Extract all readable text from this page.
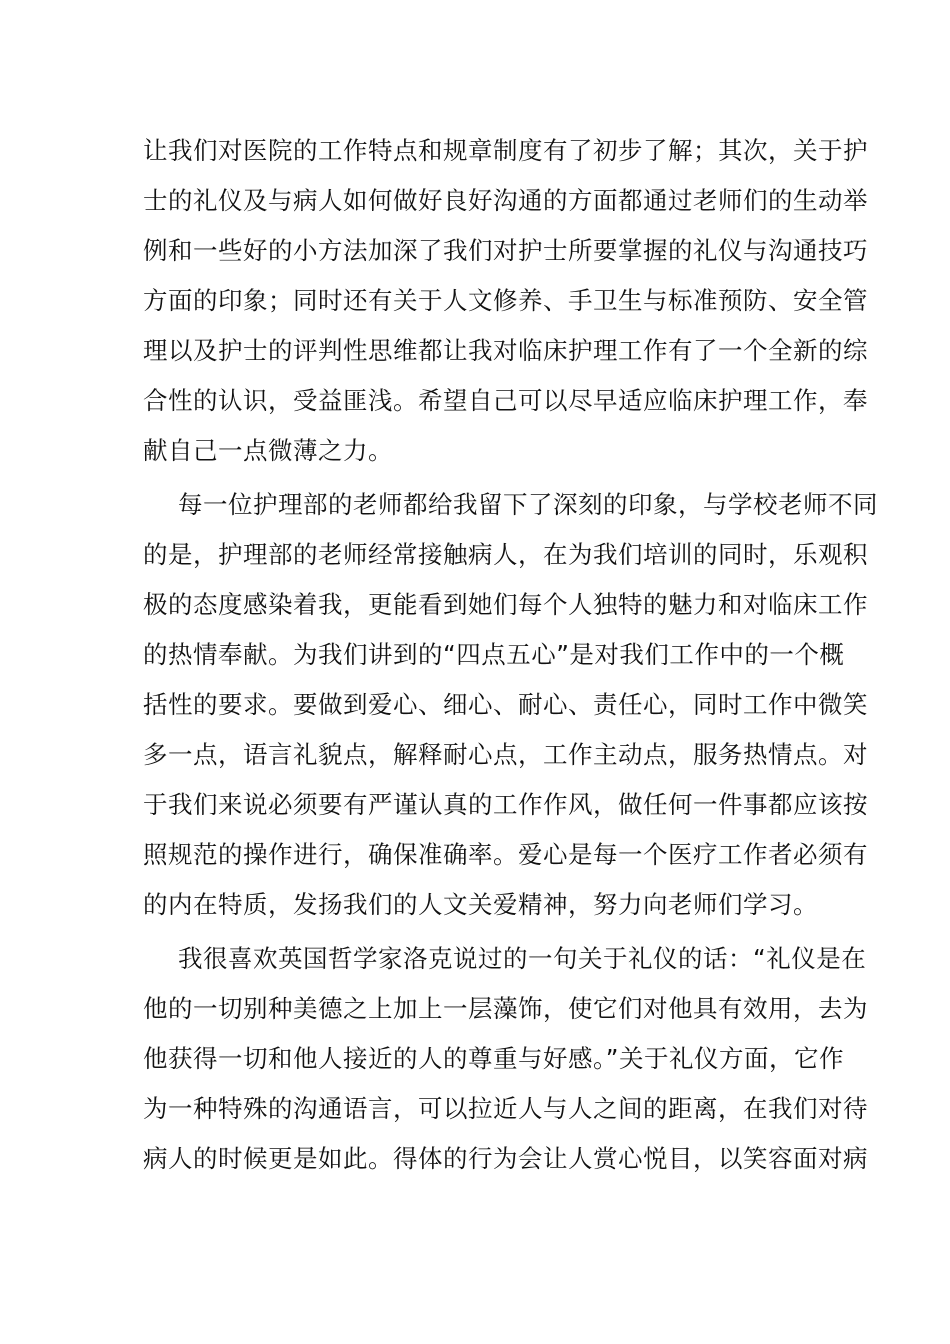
让我们对医院的工作特点和规章制度有了初步了解；其次，关于护
士的礼仪及与病人如何做好良好沟通的方面都通过老师们的生动举
例和一些好的小方法加深了我们对护士所要掌握的礼仪与沟通技巧
方面的印象；同时还有关于人文修养、手卫生与标准预防、安全管
理以及护士的评判性思维都让我对临床护理工作有了一个全新的综
合性的认识，受益匪浅。希望自己可以尽早适应临床护理工作，奉
献自己一点微薄之力。
每一位护理部的老师都给我留下了深刻的印象，与学校老师不同
的是，护理部的老师经常接触病人，在为我们培训的同时，乐观积
极的态度感染着我，更能看到她们每个人独特的魅力和对临床工作
的热情奉献。为我们讲到的“四点五心”是对我们工作中的一个概
括性的要求。要做到爱心、细心、耐心、责任心，同时工作中微笑
多一点，语言礼貌点，解释耐心点，工作主动点，服务热情点。对
于我们来说必须要有严谨认真的工作作风，做任何一件事都应该按
照规范的操作进行，确保准确率。爱心是每一个医疗工作者必须有
的内在特质，发扬我们的人文关爱精神，努力向老师们学习。
我很喜欢英国哲学家洛克说过的一句关于礼仪的话：“礼仪是在
他的一切别种美德之上加上一层藻饰，使它们对他具有效用，去为
他获得一切和他人接近的人的尊重与好感。”关于礼仪方面，它作
为一种特殊的沟通语言，可以拉近人与人之间的距离，在我们对待
病人的时候更是如此。得体的行为会让人赏心悦目，以笑容面对病
